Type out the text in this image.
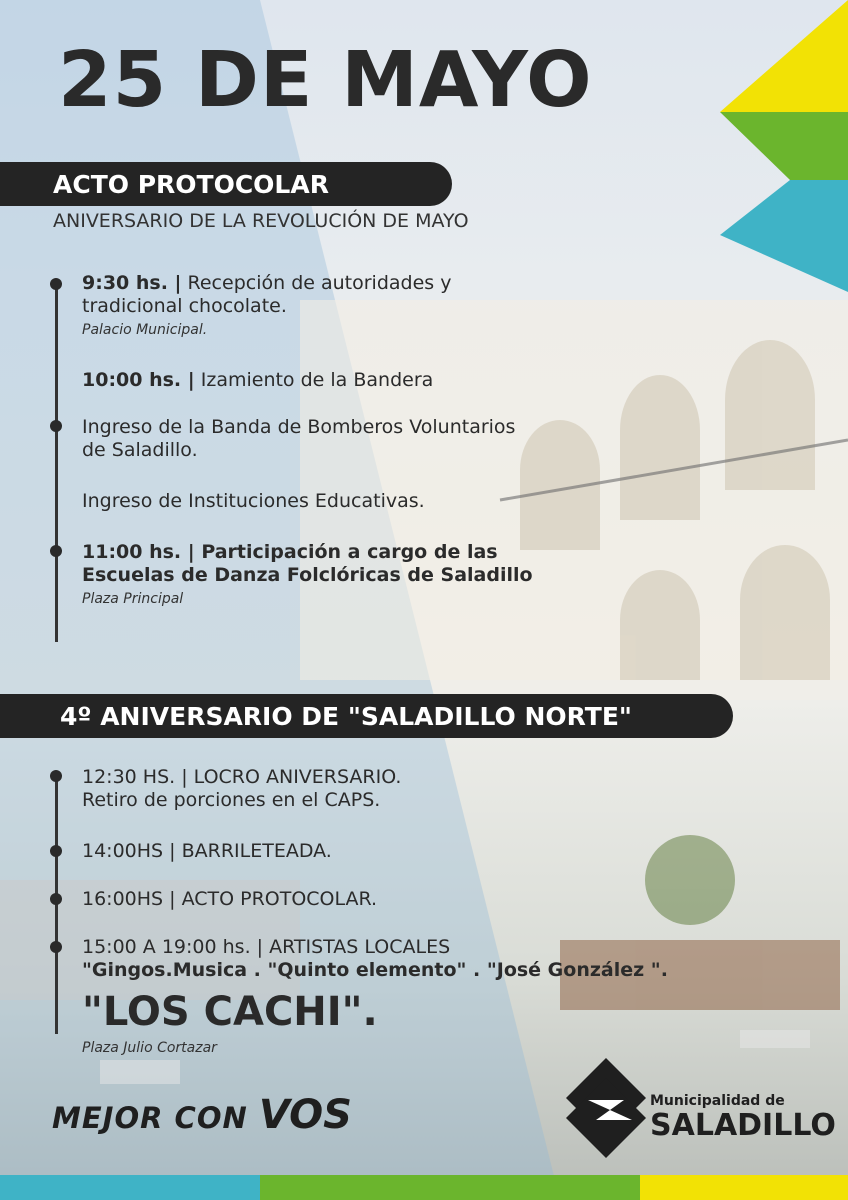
25 DE MAYO
ACTO PROTOCOLAR
ANIVERSARIO DE LA REVOLUCIÓN DE MAYO
9:30 hs. | Recepción de autoridades y
tradicional chocolate.
Palacio Municipal.
10:00 hs. | Izamiento de la Bandera
Ingreso de la Banda de Bomberos Voluntarios
de Saladillo.
Ingreso de Instituciones Educativas.
11:00 hs. | Participación a cargo de las
Escuelas de Danza Folclóricas de Saladillo
Plaza Principal
4º ANIVERSARIO DE "SALADILLO NORTE"
12:30 HS. | LOCRO ANIVERSARIO.
Retiro de porciones en el CAPS.
14:00HS | BARRILETEADA.
16:00HS | ACTO PROTOCOLAR.
15:00 A 19:00 hs. | ARTISTAS LOCALES
"Gingos.Musica . "Quinto elemento" . "José González ".
"LOS CACHI".
Plaza Julio Cortazar
MEJOR CON VOS	Municipalidad de
SALADILLO
